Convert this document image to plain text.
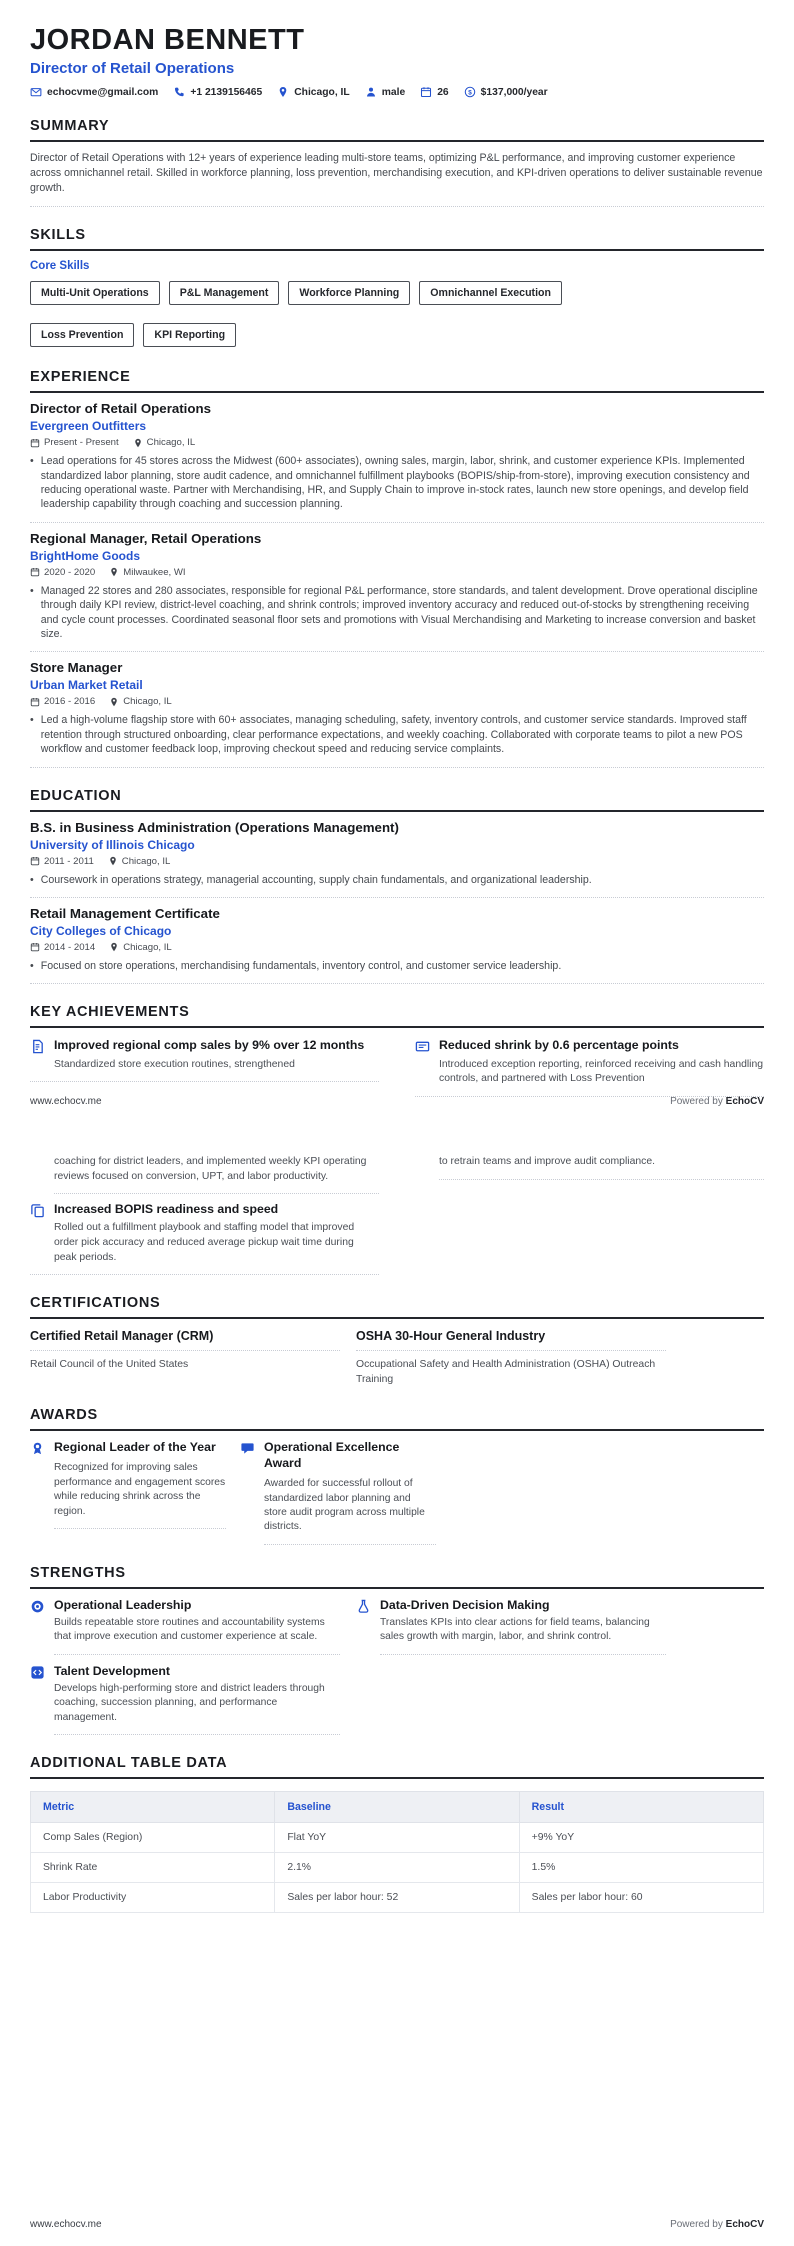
JORDAN BENNETT
Director of Retail Operations
echocvme@gmail.com	+1 2139156465	Chicago, IL	male	26	$137,000/year
SUMMARY

Director of Retail Operations with 12+ years of experience leading multi-store teams, optimizing P&L performance, and improving customer experience across omnichannel retail. Skilled in workforce planning, loss prevention, merchandising execution, and KPI-driven operations to deliver sustainable revenue growth.

SKILLS
Core Skills
Multi-Unit Operations	P&L Management	Workforce Planning	Omnichannel Execution
Loss Prevention	KPI Reporting
EXPERIENCE
Director of Retail Operations
Evergreen Outfitters
Present - Present	Chicago, IL
• Lead operations for 45 stores across the Midwest (600+ associates), owning sales, margin, labor, shrink, and customer experience KPIs. Implemented standardized labor planning, store audit cadence, and omnichannel fulfillment playbooks (BOPIS/ship-from-store), improving execution consistency and reducing operational waste. Partner with Merchandising, HR, and Supply Chain to improve in-stock rates, launch new store openings, and develop field leadership capability through coaching and succession planning.
Regional Manager, Retail Operations
BrightHome Goods
2020 - 2020	Milwaukee, WI
• Managed 22 stores and 280 associates, responsible for regional P&L performance, store standards, and talent development. Drove operational discipline through daily KPI review, district-level coaching, and shrink controls; improved inventory accuracy and reduced out-of-stocks by strengthening receiving and cycle count processes. Coordinated seasonal floor sets and promotions with Visual Merchandising and Marketing to increase conversion and basket size.
Store Manager
Urban Market Retail
2016 - 2016	Chicago, IL
• Led a high-volume flagship store with 60+ associates, managing scheduling, safety, inventory controls, and customer service standards. Improved staff retention through structured onboarding, clear performance expectations, and weekly coaching. Collaborated with corporate teams to pilot a new POS workflow and customer feedback loop, improving checkout speed and reducing service complaints.
EDUCATION
B.S. in Business Administration (Operations Management)
University of Illinois Chicago
2011 - 2011	Chicago, IL
• Coursework in operations strategy, managerial accounting, supply chain fundamentals, and organizational leadership.
Retail Management Certificate
City Colleges of Chicago
2014 - 2014	Chicago, IL
• Focused on store operations, merchandising fundamentals, inventory control, and customer service leadership.
KEY ACHIEVEMENTS
Improved regional comp sales by 9% over 12 months
Standardized store execution routines, strengthened
Reduced shrink by 0.6 percentage points
Introduced exception reporting, reinforced receiving and cash handling controls, and partnered with Loss Prevention
www.echocv.me	Powered by EchoCV
coaching for district leaders, and implemented weekly KPI operating reviews focused on conversion, UPT, and labor productivity.
Increased BOPIS readiness and speed
Rolled out a fulfillment playbook and staffing model that improved order pick accuracy and reduced average pickup wait time during peak periods.
to retrain teams and improve audit compliance.
CERTIFICATIONS
Certified Retail Manager (CRM)
Retail Council of the United States
OSHA 30-Hour General Industry
Occupational Safety and Health Administration (OSHA) Outreach Training
AWARDS
Regional Leader of the Year
Recognized for improving sales performance and engagement scores while reducing shrink across the region.
Operational Excellence Award
Awarded for successful rollout of standardized labor planning and store audit program across multiple districts.
STRENGTHS
Operational Leadership
Builds repeatable store routines and accountability systems that improve execution and customer experience at scale.
Data-Driven Decision Making
Translates KPIs into clear actions for field teams, balancing sales growth with margin, labor, and shrink control.
Talent Development
Develops high-performing store and district leaders through coaching, succession planning, and performance management.
ADDITIONAL TABLE DATA
Metric	Baseline	Result
Comp Sales (Region)	Flat YoY	+9% YoY
Shrink Rate	2.1%	1.5%
Labor Productivity	Sales per labor hour: 52	Sales per labor hour: 60
www.echocv.me	Powered by EchoCV
